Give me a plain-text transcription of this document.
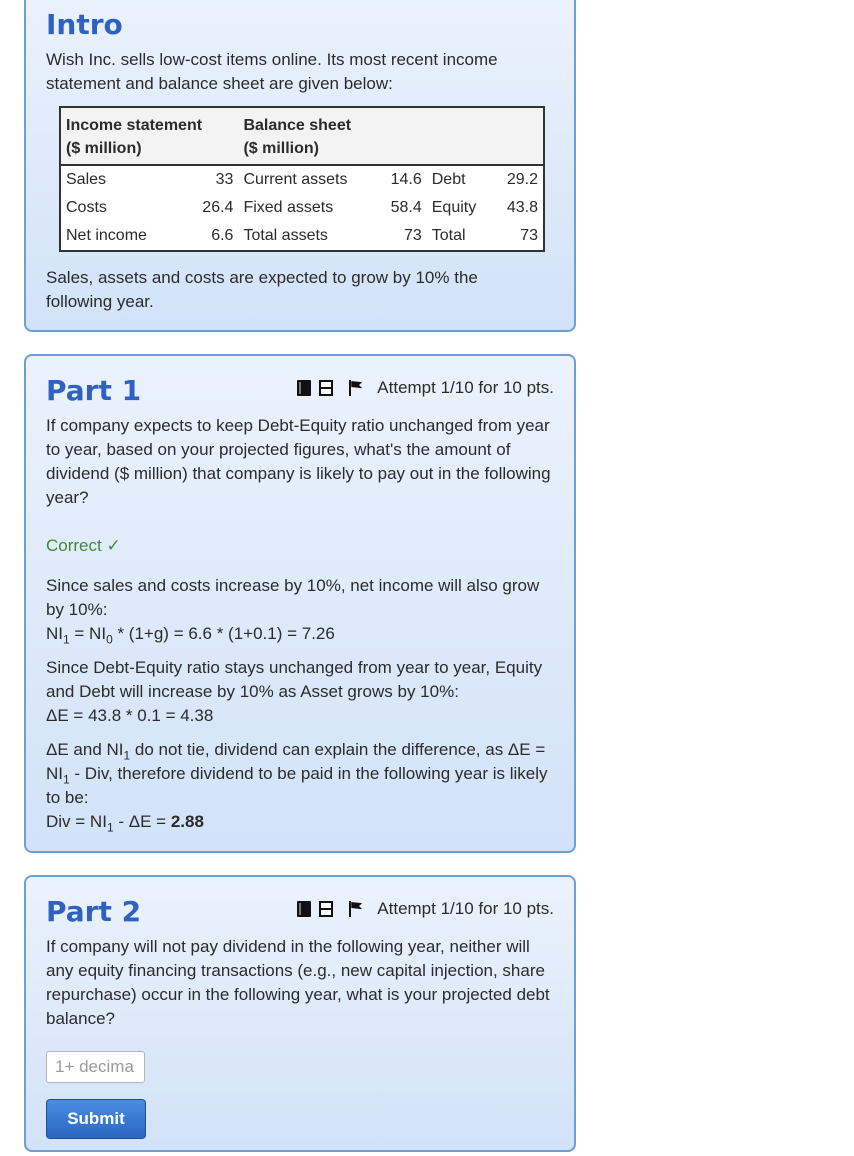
Intro

Wish Inc. sells low-cost items online. Its most recent income statement and balance sheet are given below:

Income statement
($ million)		Balance sheet
($ million)			
Sales	33	Current assets	14.6	Debt	29.2
Costs	26.4	Fixed assets	58.4	Equity	43.8
Net income	6.6	Total assets	73	Total	73

Sales, assets and costs are expected to grow by 10% the following year.

Part 1	Attempt 1/10 for 10 pts.

If company expects to keep Debt-Equity ratio unchanged from year to year, based on your projected figures, what's the amount of dividend ($ million) that company is likely to pay out in the following year?

Correct ✓

Since sales and costs increase by 10%, net income will also grow by 10%:

$NI_1 = NI_0 * (1+g) = 6.6 * (1+0.1) = 7.26$

Since Debt-Equity ratio stays unchanged from year to year, Equity and Debt will increase by 10% as Asset grows by 10%:

ΔE = 43.8 * 0.1 = 4.38

ΔE and $NI_1$ do not tie, dividend can explain the difference, as $\Delta E = NI_1$ - Div, therefore dividend to be paid in the following year is likely to be:

Div = $NI_1 - \Delta E = 2.88$

Part 2	Attempt 1/10 for 10 pts.

If company will not pay dividend in the following year, neither will any equity financing transactions (e.g., new capital injection, share repurchase) occur in the following year, what is your projected debt balance?

1+ decima
Submit
